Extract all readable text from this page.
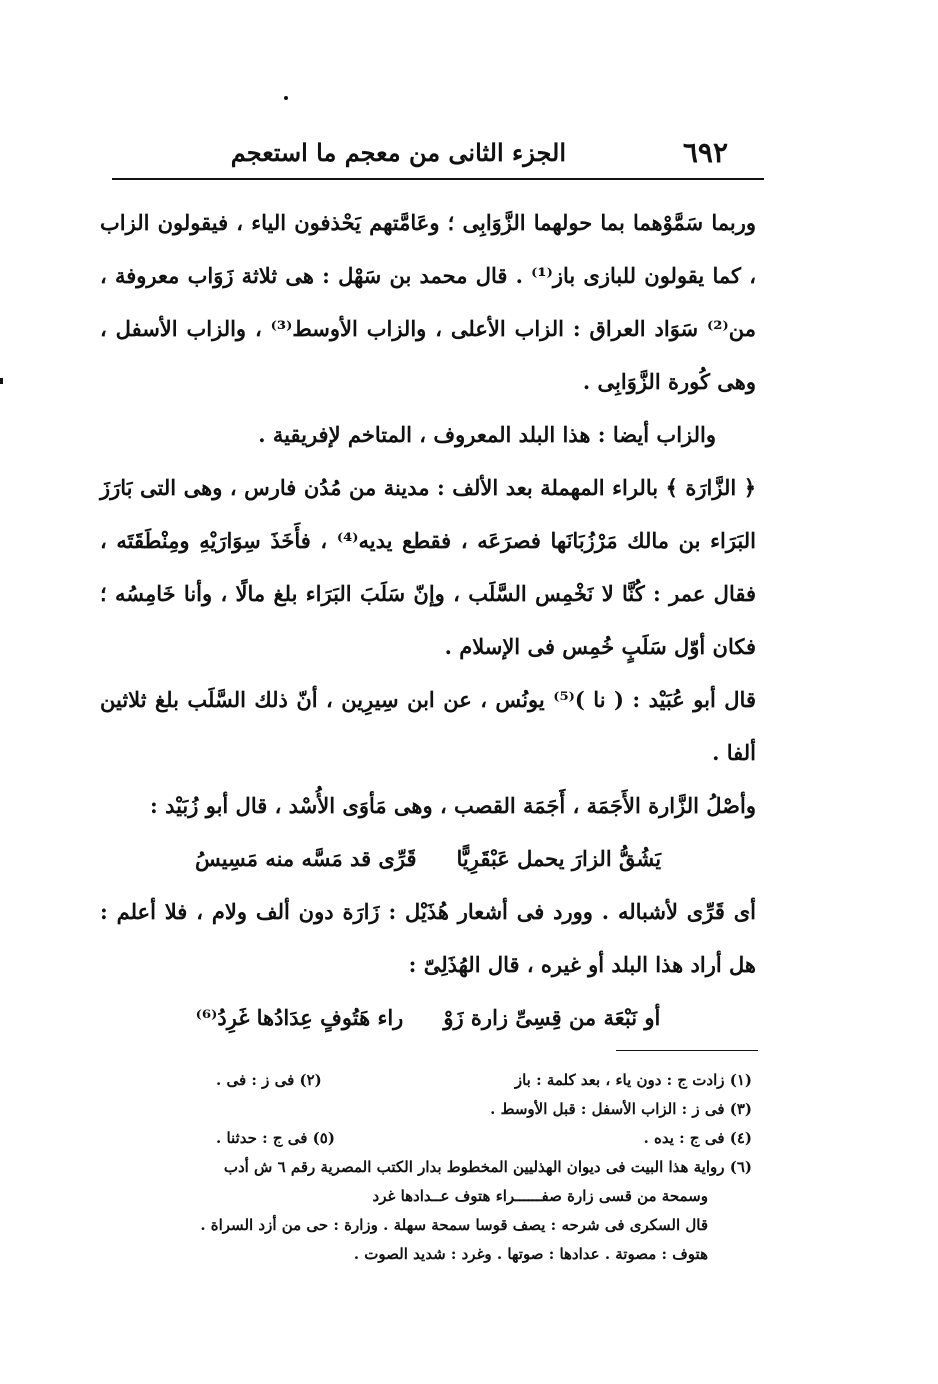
٦٩٢
الجزء الثانى من معجم ما استعجم

وربما سَمَّوْهما بما حولهما الزَّوَابِى ؛ وعَامَّتهم يَحْذفون الياء ، فيقولون الزاب ، كما يقولون للبازى باز⁽¹⁾ . قال محمد بن سَهْل : هى ثلاثة زَوَاب معروفة ، من⁽²⁾ سَوَاد العراق : الزاب الأعلى ، والزاب الأوسط⁽³⁾ ، والزاب الأسفل ، وهى كُورة الزَّوَابِى .

والزاب أيضا : هذا البلد المعروف ، المتاخم لإفريقية .

﴿ الزَّارَة ﴾ بالراء المهملة بعد الألف : مدينة من مُدُن فارس ، وهى التى بَارَزَ البَرَاء بن مالك مَرْزُبَانَها فصرَعَه ، فقطع يديه⁽⁴⁾ ، فأَخَذَ سِوَارَيْهِ ومِنْطَقَتَه ، فقال عمر : كُنَّا لا نَخْمِس السَّلَب ، وإنّ سَلَبَ البَرَاء بلغ مالًا ، وأنا خَامِسُه ؛ فكان أوّل سَلَبٍ خُمِس فى الإسلام .

قال أبو عُبَيْد : ( نا )⁽⁵⁾ يونُس ، عن ابن سِيرِين ، أنّ ذلك السَّلَب بلغ ثلاثين ألفا .

وأصْلُ الزَّارة الأَجَمَة ، أَجَمَة القصب ، وهى مَأوَى الأُسْد ، قال أبو زُبَيْد :

يَشُقُّ الزارَ يحمل عَبْقَرِيًّا
قَرِّى قد مَسَّه منه مَسِيسُ

أى قَرِّى لأشباله . وورد فى أشعار هُذَيْل : زَارَة دون ألف ولام ، فلا أعلم : هل أراد هذا البلد أو غيره ، قال الهُذَلِىّ :

أو نَبْعَة من قِسِىِّ زارة زَوْ
راء هَتُوفٍ عِدَادُها غَرِدُ⁽⁶⁾
(١) زادت ج : دون ياء ، بعد كلمة : باز
(٢) فى ز : فى .
(٣) فى ز : الزاب الأسفل : قبل الأوسط .
(٤) فى ج : يده .
(٥) فى ج : حدثنا .
(٦) رواية هذا البيت فى ديوان الهذليين المخطوط بدار الكتب المصرية رقم ٦ ش أدب
وسمحة من قسى زارة صفــــــراء هتوف عــداد‌ها غرد
قال السكرى فى شرحه : يصف قوسا سمحة سهلة . وزارة : حى من أزد السراة .
هتوف : مصوتة . عدادها : صوتها . وغرد : شديد الصوت .
